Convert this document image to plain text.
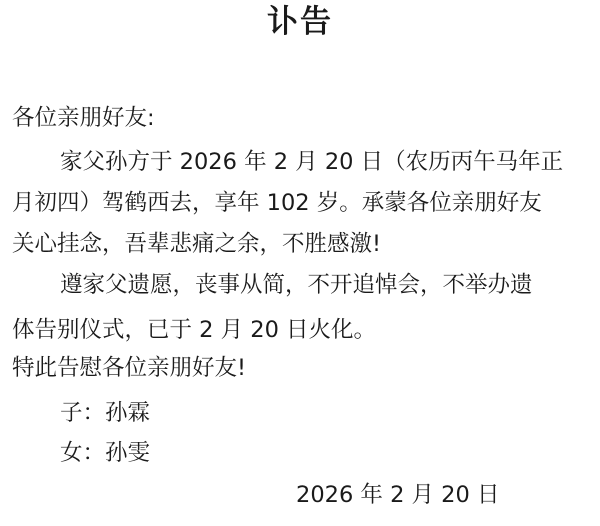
讣告
各位亲朋好友:
家父孙方于 2026 年 2 月 20 日（农历丙午马年正
月初四）驾鹤西去，享年 102 岁。承蒙各位亲朋好友
关心挂念，吾辈悲痛之余，不胜感激!
遵家父遗愿，丧事从简，不开追悼会，不举办遗
体告别仪式，已于 2 月 20 日火化。
特此告慰各位亲朋好友!
子：孙霖
女：孙雯
2026 年 2 月 20 日
